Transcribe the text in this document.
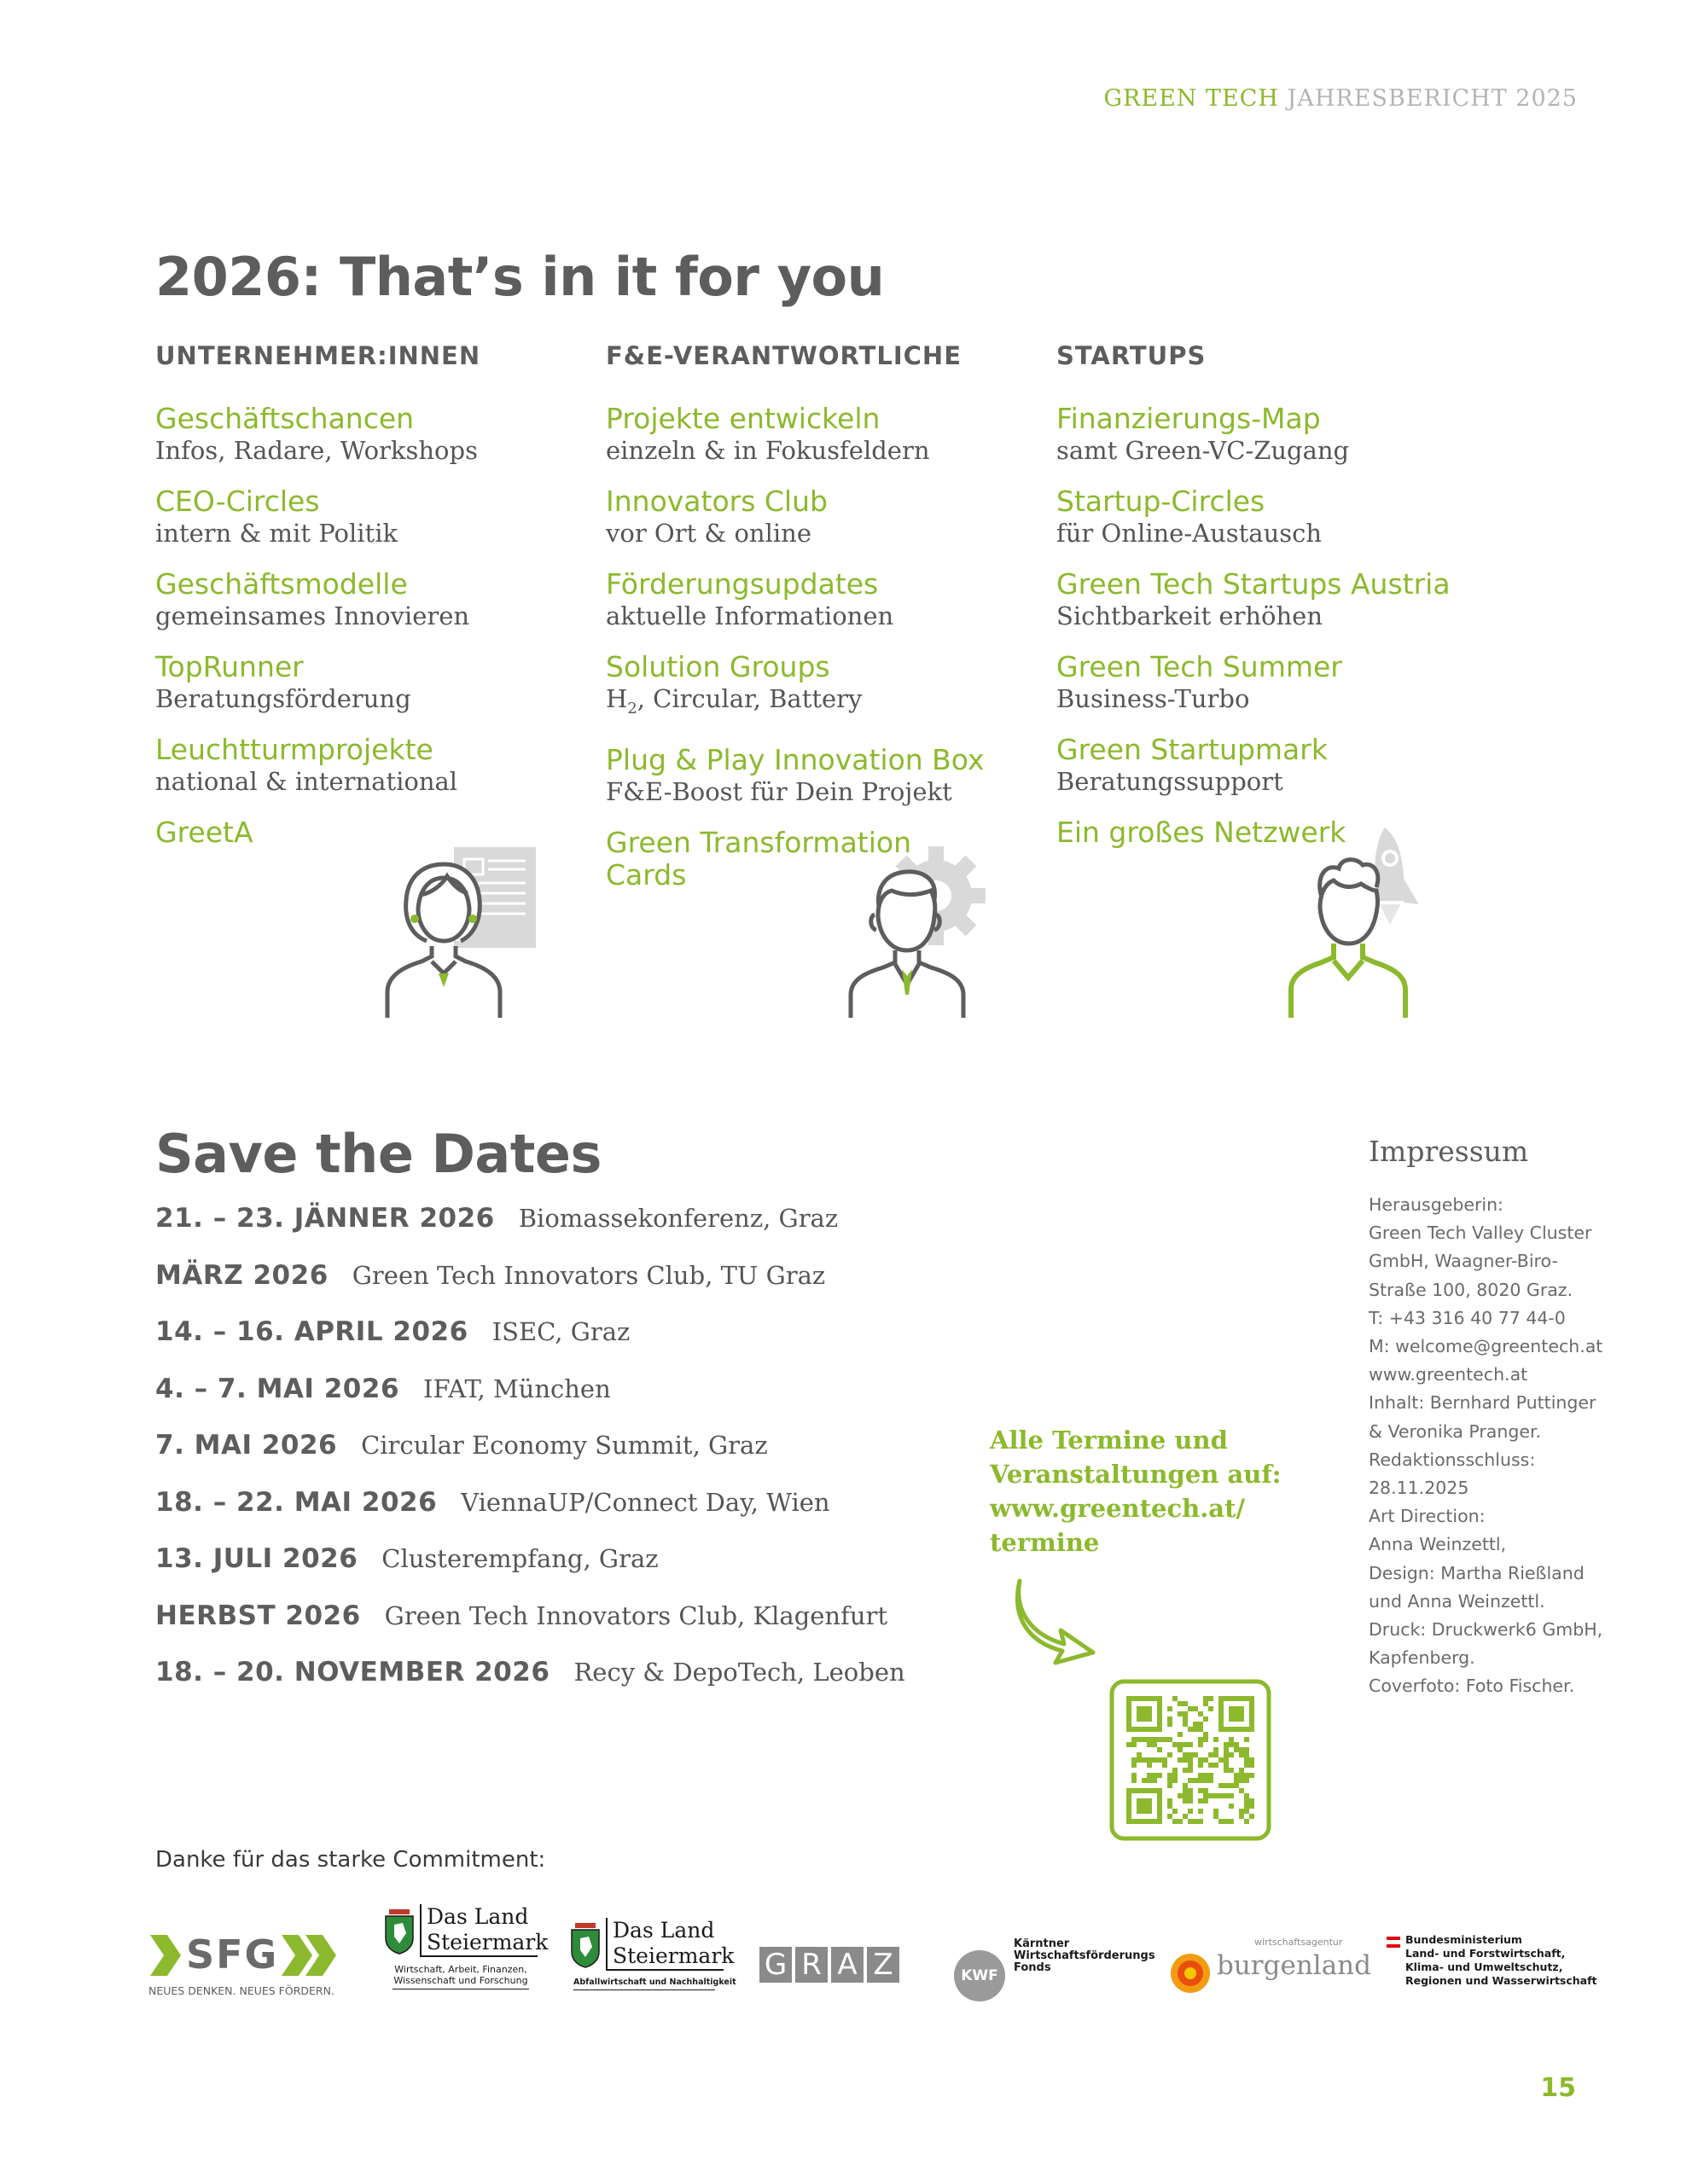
GREEN TECH JAHRESBERICHT 2025
2026: That’s in it for you
UNTERNEHMER:INNEN
Geschäftschancen
Infos, Radare, Workshops
CEO-Circles
intern & mit Politik
Geschäftsmodelle
gemeinsames Innovieren
TopRunner
Beratungsförderung
Leuchtturmprojekte
national & international
GreetA
F&E-VERANTWORTLICHE
Projekte entwickeln
einzeln & in Fokusfeldern
Innovators Club
vor Ort & online
Förderungsupdates
aktuelle Informationen
Solution Groups
$H_2$, Circular, Battery
Plug & Play Innovation Box
F&E-Boost für Dein Projekt
Green Transformation Cards
STARTUPS
Finanzierungs-Map
samt Green-VC-Zugang
Startup-Circles
für Online-Austausch
Green Tech Startups Austria
Sichtbarkeit erhöhen
Green Tech Summer
Business-Turbo
Green Startupmark
Beratungssupport
Ein großes Netzwerk
Save the Dates
21. – 23. JÄNNER 2026 Biomassekonferenz, Graz
MÄRZ 2026 Green Tech Innovators Club, TU Graz
14. – 16. APRIL 2026 ISEC, Graz
4. – 7. MAI 2026 IFAT, München
7. MAI 2026 Circular Economy Summit, Graz
18. – 22. MAI 2026 ViennaUP/Connect Day, Wien
13. JULI 2026 Clusterempfang, Graz
HERBST 2026 Green Tech Innovators Club, Klagenfurt
18. – 20. NOVEMBER 2026 Recy & DepoTech, Leoben
Alle Termine und
Veranstaltungen auf:
www.greentech.at/
termine
Impressum
Herausgeberin:
Green Tech Valley Cluster
GmbH, Waagner-Biro-
Straße 100, 8020 Graz.
T: +43 316 40 77 44-0
M: welcome@greentech.at
www.greentech.at
Inhalt: Bernhard Puttinger
& Veronika Pranger.
Redaktionsschluss:
28.11.2025
Art Direction:
Anna Weinzettl,
Design: Martha Rießland
und Anna Weinzettl.
Druck: Druckwerk6 GmbH,
Kapfenberg.
Coverfoto: Foto Fischer.
Danke für das starke Commitment:
SFG
NEUES DENKEN. NEUES FÖRDERN.
Das Land
Steiermark
Wirtschaft, Arbeit, Finanzen,
Wissenschaft und Forschung
Das Land
Steiermark
Abfallwirtschaft und Nachhaltigkeit
G R A Z	KWF
Kärntner
Wirtschaftsförderungs
Fonds
wirtschaftsagentur
burgenland
Bundesministerium
Land- und Forstwirtschaft,
Klima- und Umweltschutz,
Regionen und Wasserwirtschaft
15
